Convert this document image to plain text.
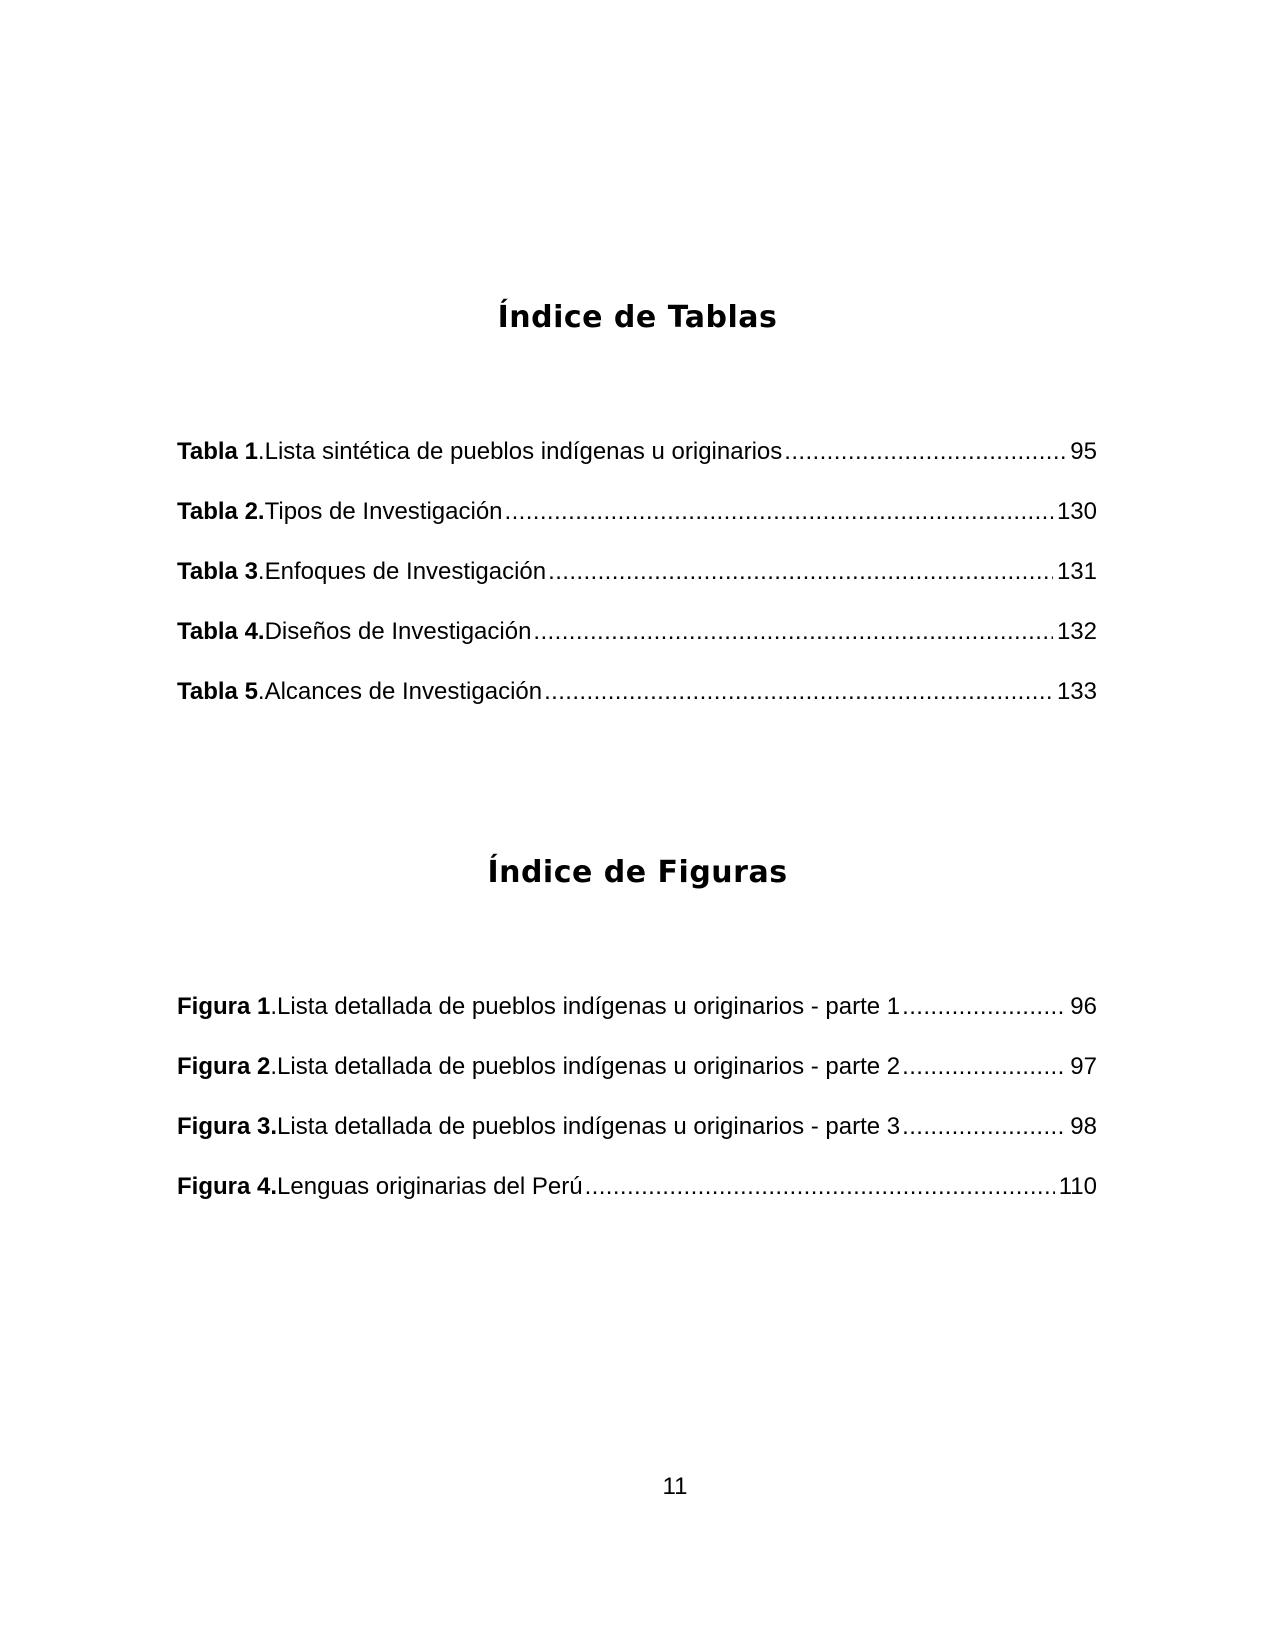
Índice de Tablas
Tabla 1 . Lista sintética de pueblos indígenas u originarios .....	95
Tabla 2. Tipos de Investigación .....	130
Tabla 3 . Enfoques de Investigación .....	131
Tabla 4. Diseños de Investigación .....	132
Tabla 5 . Alcances de Investigación .....	133
Índice de Figuras
Figura 1 . Lista detallada de pueblos indígenas u originarios - parte 1 .....	96
Figura 2 . Lista detallada de pueblos indígenas u originarios - parte 2 .....	97
Figura 3. Lista detallada de pueblos indígenas u originarios - parte 3 .....	98
Figura 4. Lenguas originarias del Perú .....	110
11
